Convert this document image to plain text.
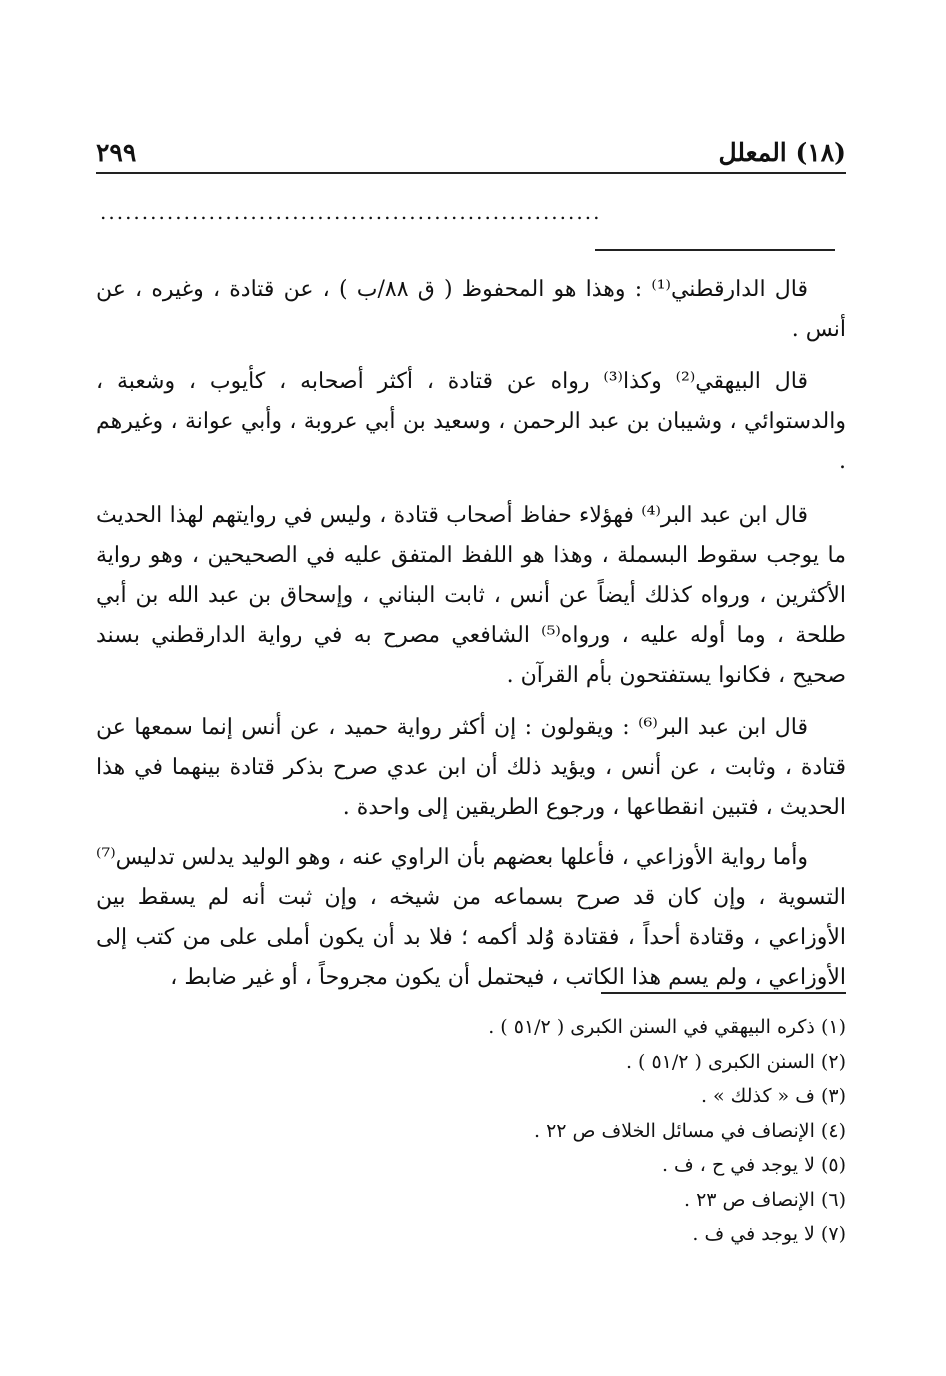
(١٨) المعلل
٢٩٩
............................................................

قال الدارقطني⁽¹⁾ : وهذا هو المحفوظ ( ق ٨٨/ب ) ، عن قتادة ، وغيره ، عن أنس .

قال البيهقي⁽²⁾ وكذا⁽³⁾ رواه عن قتادة ، أكثر أصحابه ، كأيوب ، وشعبة ، والدستوائي ، وشيبان بن عبد الرحمن ، وسعيد بن أبي عروبة ، وأبي عوانة ، وغيرهم .

قال ابن عبد البر⁽⁴⁾ فهؤلاء حفاظ أصحاب قتادة ، وليس في روايتهم لهذا الحديث ما يوجب سقوط البسملة ، وهذا هو اللفظ المتفق عليه في الصحيحين ، وهو رواية الأكثرين ، ورواه كذلك أيضاً عن أنس ، ثابت البناني ، وإسحاق بن عبد الله بن أبي طلحة ، وما أوله عليه ، ورواه⁽⁵⁾ الشافعي مصرح به في رواية الدارقطني بسند صحيح ، فكانوا يستفتحون بأم القرآن .

قال ابن عبد البر⁽⁶⁾ : ويقولون : إن أكثر رواية حميد ، عن أنس إنما سمعها عن قتادة ، وثابت ، عن أنس ، ويؤيد ذلك أن ابن عدي صرح بذكر قتادة بينهما في هذا الحديث ، فتبين انقطاعها ، ورجوع الطريقين إلى واحدة .

وأما رواية الأوزاعي ، فأعلها بعضهم بأن الراوي عنه ، وهو الوليد يدلس تدليس⁽⁷⁾ التسوية ، وإن كان قد صرح بسماعه من شيخه ، وإن ثبت أنه لم يسقط بين الأوزاعي ، وقتادة أحداً ، فقتادة وُلد أكمه ؛ فلا بد أن يكون أملى على من كتب إلى الأوزاعي ، ولم يسم هذا الكاتب ، فيحتمل أن يكون مجروحاً ، أو غير ضابط ،

(١) ذكره البيهقي في السنن الكبرى ( ٥١/٢ ) .
(٢) السنن الكبرى ( ٥١/٢ ) .
(٣) ف « كذلك » .
(٤) الإنصاف في مسائل الخلاف ص ٢٢ .
(٥) لا يوجد في ح ، ف .
(٦) الإنصاف ص ٢٣ .
(٧) لا يوجد في ف .
